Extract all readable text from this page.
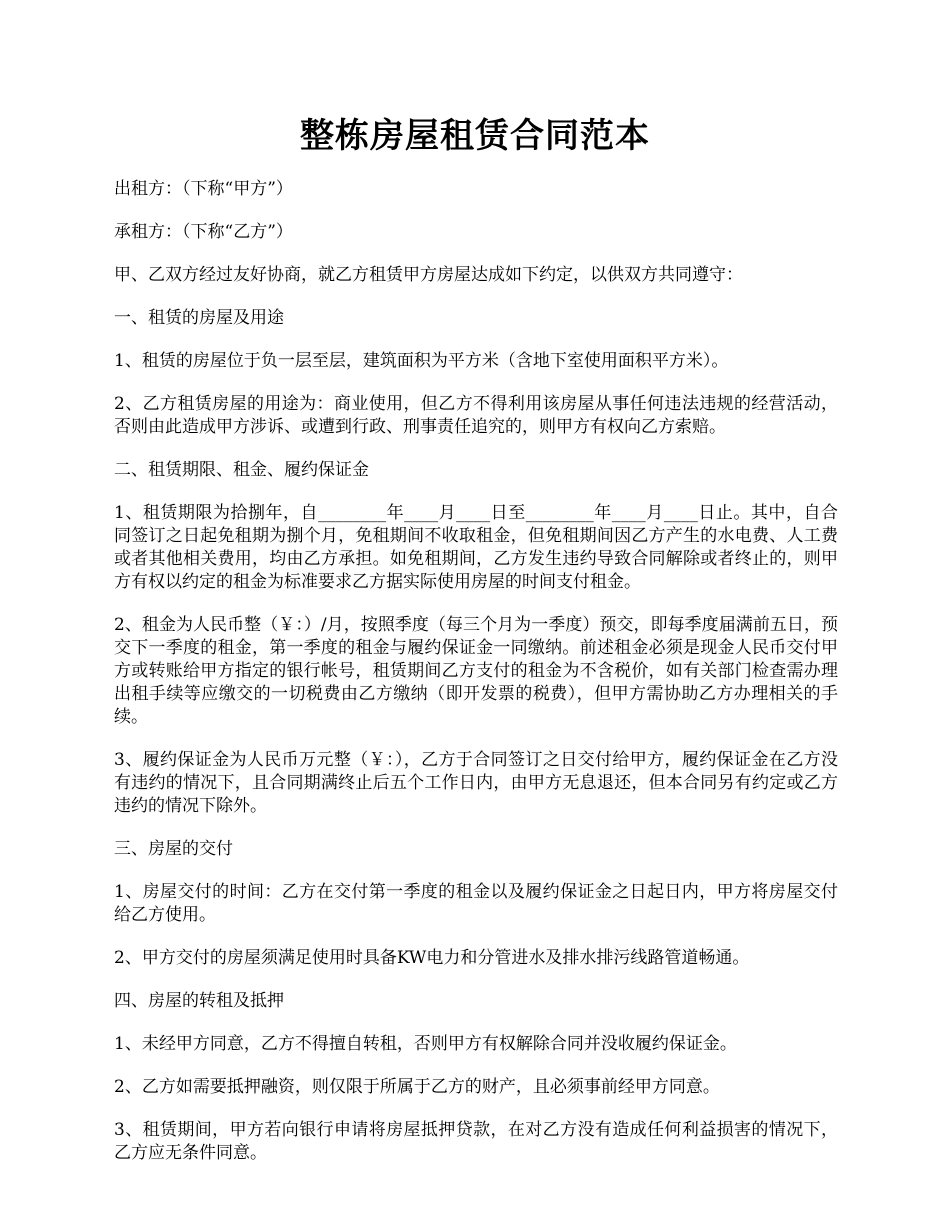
整栋房屋租赁合同范本

出租方：（下称“甲方”）

承租方：（下称“乙方”）

甲、乙双方经过友好协商，就乙方租赁甲方房屋达成如下约定，以供双方共同遵守：

一、租赁的房屋及用途

1、租赁的房屋位于负一层至层，建筑面积为平方米（含地下室使用面积平方米）。

2、乙方租赁房屋的用途为：商业使用，但乙方不得利用该房屋从事任何违法违规的经营活动，否则由此造成甲方涉诉、或遭到行政、刑事责任追究的，则甲方有权向乙方索赔。

二、租赁期限、租金、履约保证金

1、租赁期限为拾捌年，自________年____月____日至________年____月____日止。其中，自合同签订之日起免租期为捌个月，免租期间不收取租金，但免租期间因乙方产生的水电费、人工费或者其他相关费用，均由乙方承担。如免租期间，乙方发生违约导致合同解除或者终止的，则甲方有权以约定的租金为标准要求乙方据实际使用房屋的时间支付租金。

2、租金为人民币整（￥：）/月，按照季度（每三个月为一季度）预交，即每季度届满前五日，预交下一季度的租金，第一季度的租金与履约保证金一同缴纳。前述租金必须是现金人民币交付甲方或转账给甲方指定的银行帐号，租赁期间乙方支付的租金为不含税价，如有关部门检查需办理出租手续等应缴交的一切税费由乙方缴纳（即开发票的税费），但甲方需协助乙方办理相关的手续。

3、履约保证金为人民币万元整（￥：），乙方于合同签订之日交付给甲方，履约保证金在乙方没有违约的情况下，且合同期满终止后五个工作日内，由甲方无息退还，但本合同另有约定或乙方违约的情况下除外。

三、房屋的交付

1、房屋交付的时间：乙方在交付第一季度的租金以及履约保证金之日起日内，甲方将房屋交付给乙方使用。

2、甲方交付的房屋须满足使用时具备KW电力和分管进水及排水排污线路管道畅通。

四、房屋的转租及抵押

1、未经甲方同意，乙方不得擅自转租，否则甲方有权解除合同并没收履约保证金。

2、乙方如需要抵押融资，则仅限于所属于乙方的财产，且必须事前经甲方同意。

3、租赁期间，甲方若向银行申请将房屋抵押贷款，在对乙方没有造成任何利益损害的情况下，乙方应无条件同意。
